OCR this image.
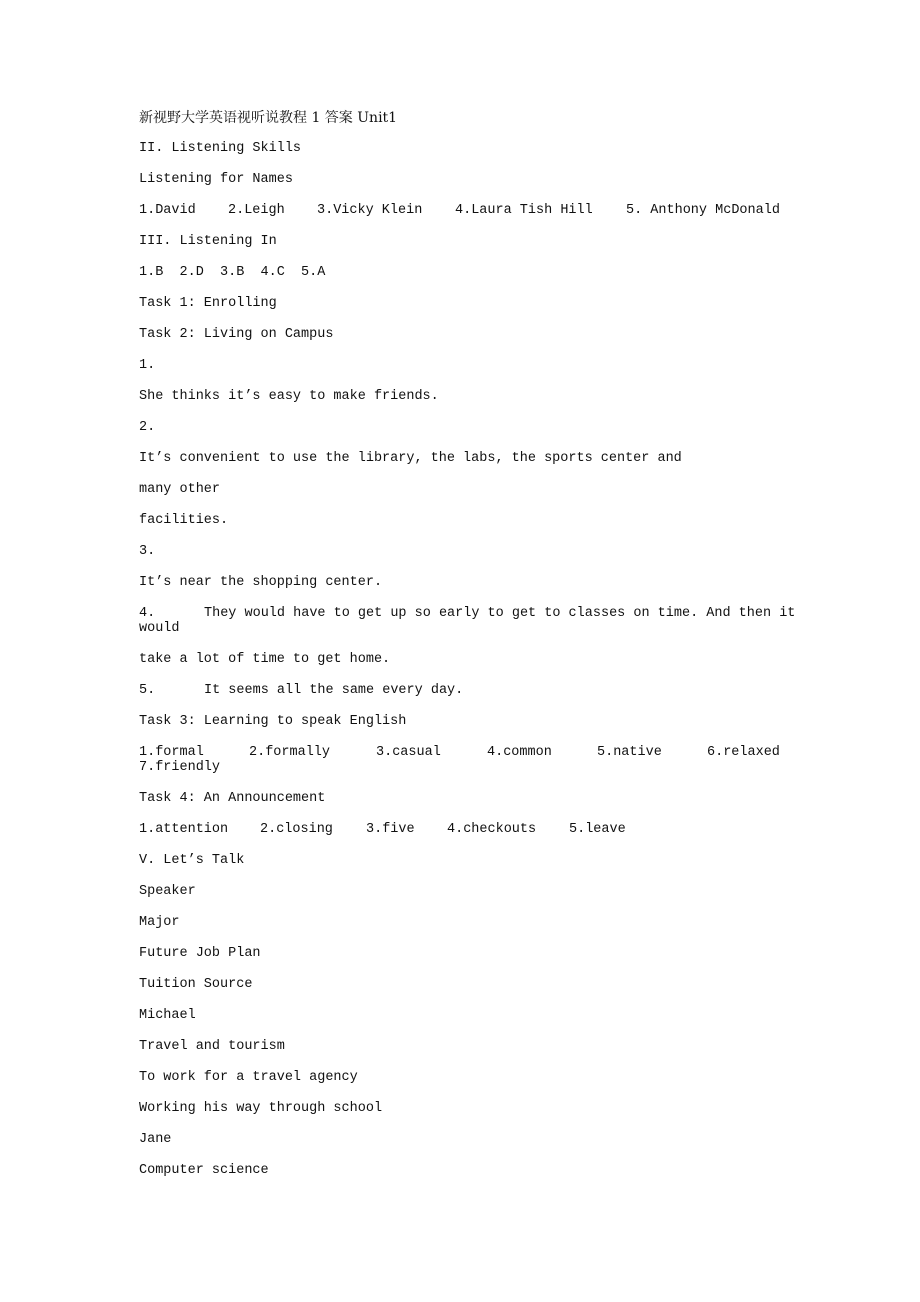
新视野大学英语视听说教程 1 答案 Unit1
II. Listening Skills
Listening for Names
1.David 2.Leigh 3.Vicky Klein 4.Laura Tish Hill 5. Anthony McDonald
III. Listening In
1.B  2.D  3.B  4.C  5.A
Task 1: Enrolling
Task 2: Living on Campus
1.
She thinks it’s easy to make friends.
2.
It’s convenient to use the library, the labs, the sports center and
many other
facilities.
3.
It’s near the shopping center.
4.	They would have to get up so early to get to classes on time. And then it
would
take a lot of time to get home.
5.	It seems all the same every day.
Task 3: Learning to speak English
1.formal	2.formally	3.casual	4.common	5.native	6.relaxed
7.friendly
Task 4: An Announcement
1.attention 2.closing 3.five 4.checkouts 5.leave
V. Let’s Talk
Speaker
Major
Future Job Plan
Tuition Source
Michael
Travel and tourism
To work for a travel agency
Working his way through school
Jane
Computer science
